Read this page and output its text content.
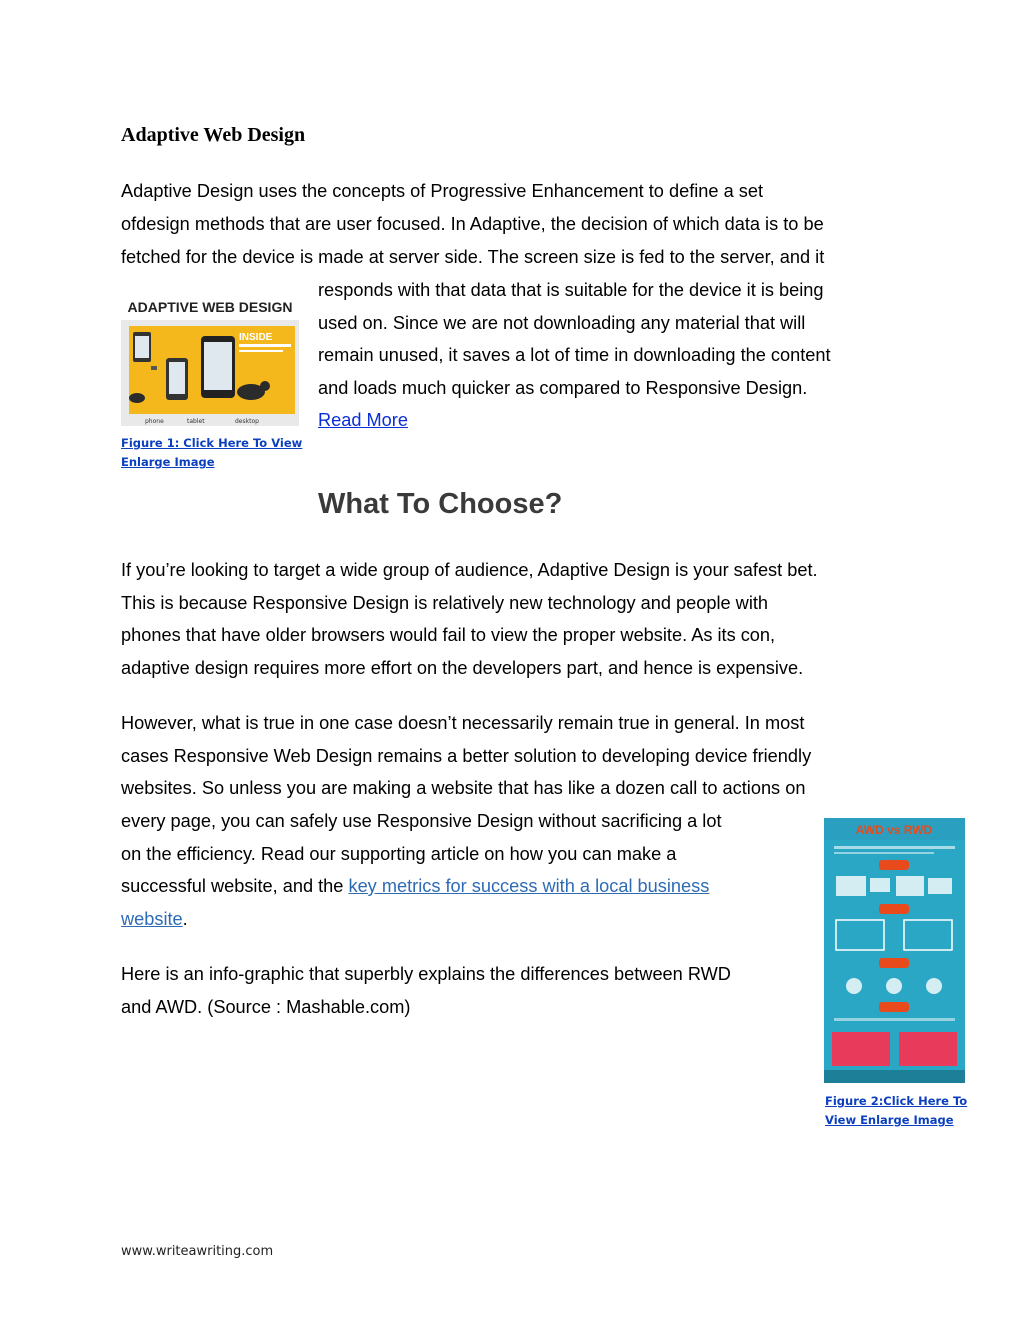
Adaptive Web Design
Adaptive Design uses the concepts of Progressive Enhancement to define a set
ofdesign methods that are user focused. In Adaptive, the decision of which data is to be
fetched for the device is made at server side. The screen size is fed to the server, and it
responds with that data that is suitable for the device it is being
used on. Since we are not downloading any material that will
remain unused, it saves a lot of time in downloading the content
and loads much quicker as compared to Responsive Design.
Read More
ADAPTIVE WEB DESIGN
INSIDE
phone	tablet	desktop
Figure 1: Click Here To View
Enlarge Image
What To Choose?
If you’re looking to target a wide group of audience, Adaptive Design is your safest bet.
This is because Responsive Design is relatively new technology and people with
phones that have older browsers would fail to view the proper website. As its con,
adaptive design requires more effort on the developers part, and hence is expensive.
However, what is true in one case doesn’t necessarily remain true in general. In most
cases Responsive Web Design remains a better solution to developing device friendly
websites. So unless you are making a website that has like a dozen call to actions on
every page, you can safely use Responsive Design without sacrificing a lot
on the efficiency. Read our supporting article on how you can make a
successful website, and the key metrics for success with a local business
website.
Here is an info-graphic that superbly explains the differences between RWD
and AWD. (Source : Mashable.com)
AWD vs RWD
Figure 2:Click Here To
View Enlarge Image
www.writeawriting.com
